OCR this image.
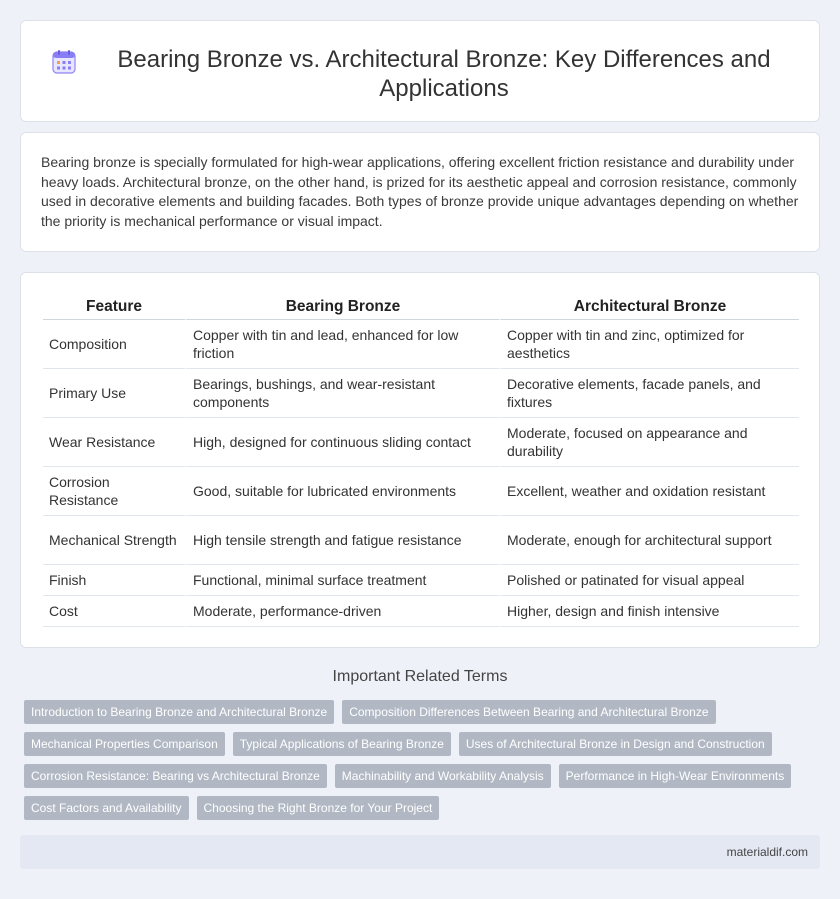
Bearing Bronze vs. Architectural Bronze: Key Differences and Applications

Bearing bronze is specially formulated for high-wear applications, offering excellent friction resistance and durability under heavy loads. Architectural bronze, on the other hand, is prized for its aesthetic appeal and corrosion resistance, commonly used in decorative elements and building facades. Both types of bronze provide unique advantages depending on whether the priority is mechanical performance or visual impact.

Feature	Bearing Bronze	Architectural Bronze
Composition	Copper with tin and lead, enhanced for low friction	Copper with tin and zinc, optimized for aesthetics
Primary Use	Bearings, bushings, and wear-resistant components	Decorative elements, facade panels, and fixtures
Wear Resistance	High, designed for continuous sliding contact	Moderate, focused on appearance and durability
Corrosion Resistance	Good, suitable for lubricated environments	Excellent, weather and oxidation resistant
Mechanical Strength	High tensile strength and fatigue resistance	Moderate, enough for architectural support
Finish	Functional, minimal surface treatment	Polished or patinated for visual appeal
Cost	Moderate, performance-driven	Higher, design and finish intensive
Important Related Terms
Introduction to Bearing Bronze and Architectural Bronze	Composition Differences Between Bearing and Architectural Bronze
Mechanical Properties Comparison	Typical Applications of Bearing Bronze	Uses of Architectural Bronze in Design and Construction
Corrosion Resistance: Bearing vs Architectural Bronze	Machinability and Workability Analysis	Performance in High-Wear Environments
Cost Factors and Availability	Choosing the Right Bronze for Your Project
materialdif.com
